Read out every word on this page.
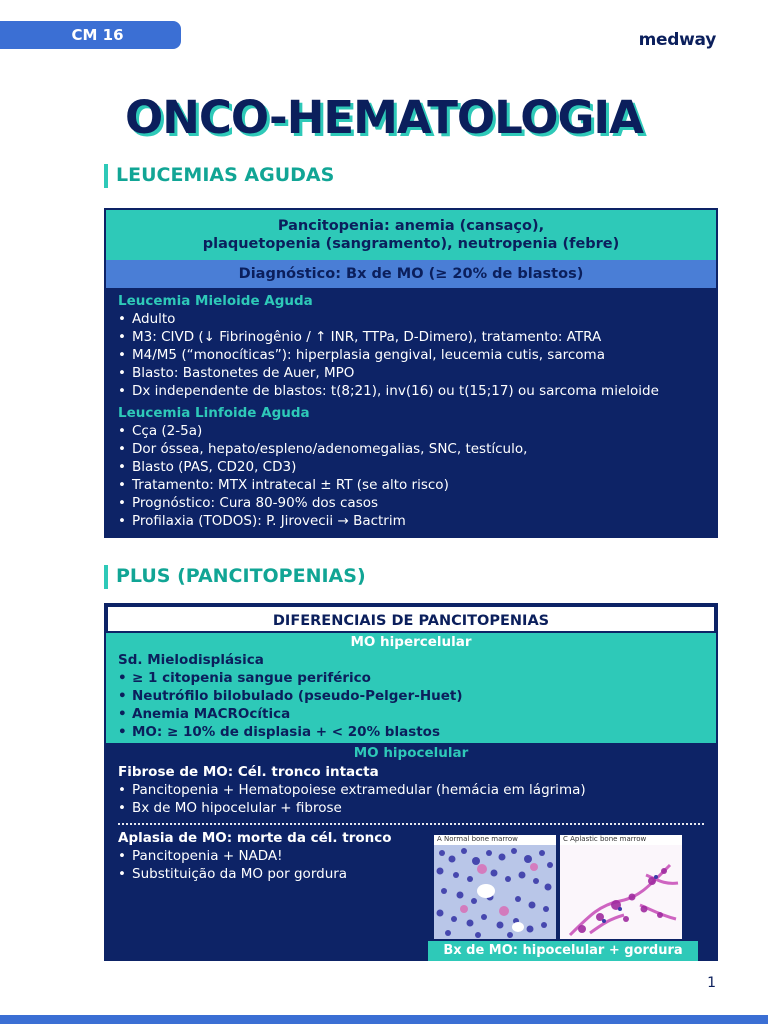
CM 16	medway
ONCO-HEMATOLOGIA
LEUCEMIAS AGUDAS
Pancitopenia: anemia (cansaço),
plaquetopenia (sangramento), neutropenia (febre)
Diagnóstico: Bx de MO (≥ 20% de blastos)
Leucemia Mieloide Aguda
• Adulto
• M3: CIVD (↓ Fibrinogênio / ↑ INR, TTPa, D-Dimero), tratamento: ATRA
• M4/M5 (“monocíticas”): hiperplasia gengival, leucemia cutis, sarcoma
• Blasto: Bastonetes de Auer, MPO
• Dx independente de blastos: t(8;21), inv(16) ou t(15;17) ou sarcoma mieloide
Leucemia Linfoide Aguda
• Cça (2-5a)
• Dor óssea, hepato/espleno/adenomegalias, SNC, testículo,
• Blasto (PAS, CD20, CD3)
• Tratamento: MTX intratecal ± RT (se alto risco)
• Prognóstico: Cura 80-90% dos casos
• Profilaxia (TODOS): P. Jirovecii → Bactrim
PLUS (PANCITOPENIAS)
DIFERENCIAIS DE PANCITOPENIAS
MO hipercelular
Sd. Mielodisplásica
• ≥ 1 citopenia sangue periférico
• Neutrófilo bilobulado (pseudo-Pelger-Huet)
• Anemia MACROcítica
• MO: ≥ 10% de displasia + < 20% blastos
MO hipocelular
Fibrose de MO: Cél. tronco intacta
• Pancitopenia + Hematopoiese extramedular (hemácia em lágrima)
• Bx de MO hipocelular + fibrose
Aplasia de MO: morte da cél. tronco
• Pancitopenia + NADA!
• Substituição da MO por gordura
A Normal bone marrow	C Aplastic bone marrow
Bx de MO: hipocelular + gordura
1
